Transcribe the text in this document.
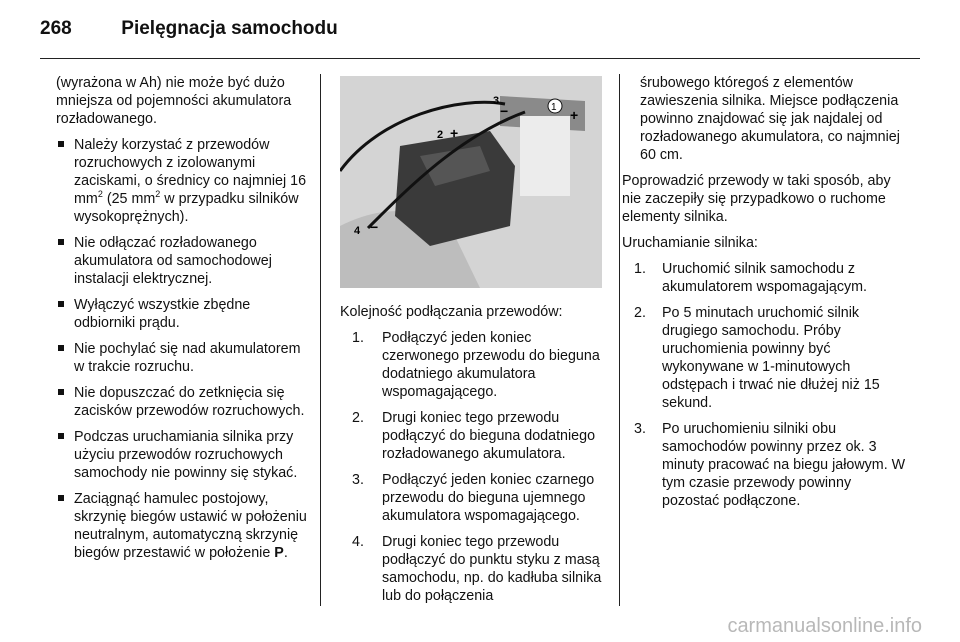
268	Pielęgnacja samochodu
(wyrażona w Ah) nie może być dużo mniejsza od pojemności akumulatora rozładowanego.
Należy korzystać z przewodów rozruchowych z izolowanymi zaciskami, o średnicy co najmniej 16 $mm^2$ (25 $mm^2$ w przypadku silników wysokoprężnych).
Nie odłączać rozładowanego akumulatora od samochodowej instalacji elektrycznej.
Wyłączyć wszystkie zbędne odbiorniki prądu.
Nie pochylać się nad akumulatorem w trakcie rozruchu.
Nie dopuszczać do zetknięcia się zacisków przewodów rozruchowych.
Podczas uruchamiania silnika przy użyciu przewodów rozruchowych samochody nie powinny się stykać.
Zaciągnąć hamulec postojowy, skrzynię biegów ustawić w położeniu neutralnym, automatyczną skrzynię biegów przestawić w położenie P.
1
2
3
4
+
+
−
−

Kolejność podłączania przewodów:

1. Podłączyć jeden koniec czerwonego przewodu do bieguna dodatniego akumulatora wspomagającego.
2. Drugi koniec tego przewodu podłączyć do bieguna dodatniego rozładowanego akumulatora.
3. Podłączyć jeden koniec czarnego przewodu do bieguna ujemnego akumulatora wspomagającego.
4. Drugi koniec tego przewodu podłączyć do punktu styku z masą samochodu, np. do kadłuba silnika lub do połączenia
śrubowego któregoś z elementów zawieszenia silnika. Miejsce podłączenia powinno znajdować się jak najdalej od rozładowanego akumulatora, co najmniej 60 cm.

Poprowadzić przewody w taki sposób, aby nie zaczepiły się przypadkowo o ruchome elementy silnika.

Uruchamianie silnika:

1. Uruchomić silnik samochodu z akumulatorem wspomagającym.
2. Po 5 minutach uruchomić silnik drugiego samochodu. Próby uruchomienia powinny być wykonywane w 1-minutowych odstępach i trwać nie dłużej niż 15 sekund.
3. Po uruchomieniu silniki obu samochodów powinny przez ok. 3 minuty pracować na biegu jałowym. W tym czasie przewody powinny pozostać podłączone.
carmanualsonline.info
